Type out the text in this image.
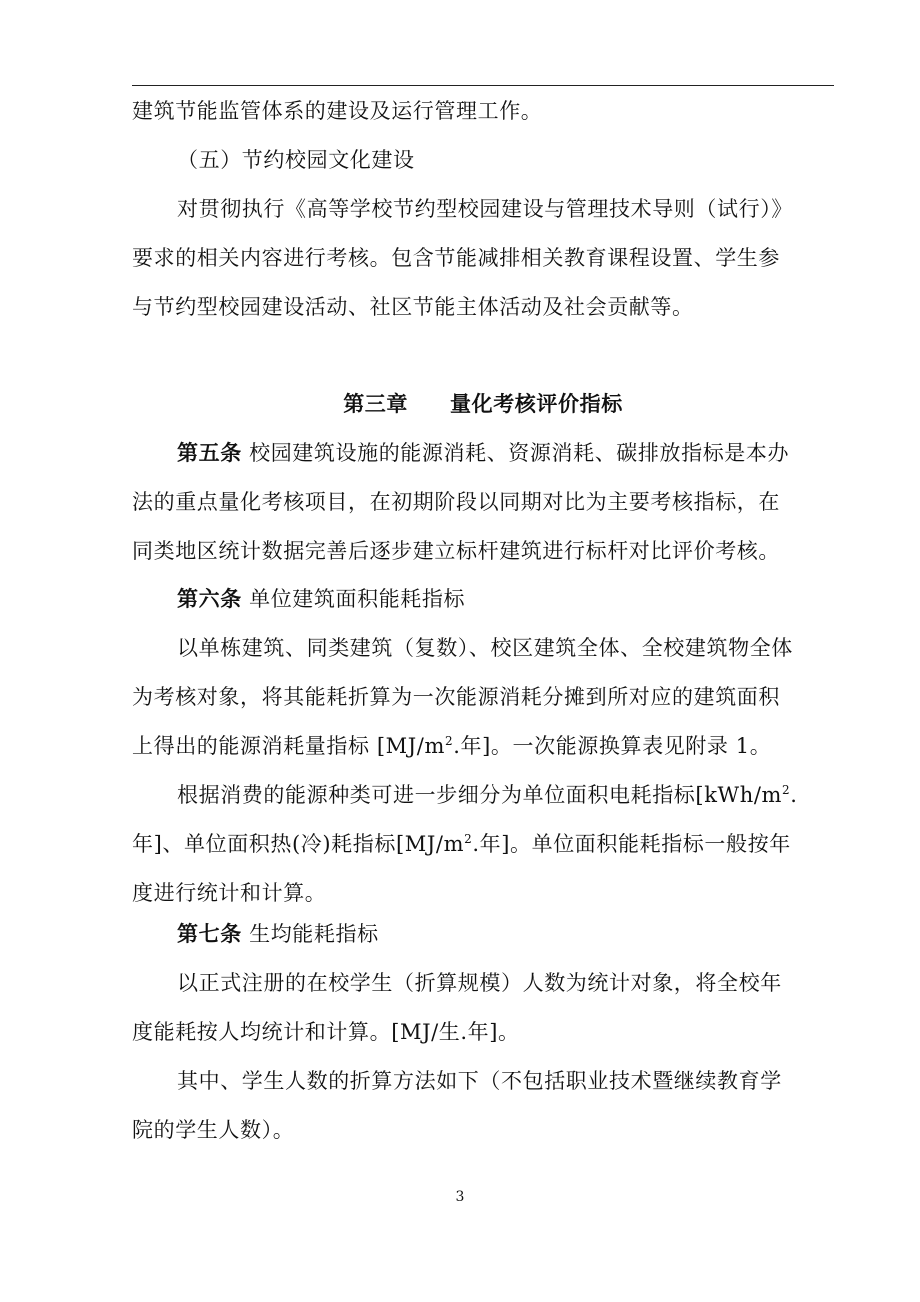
建筑节能监管体系的建设及运行管理工作。
（五）节约校园文化建设
对贯彻执行《高等学校节约型校园建设与管理技术导则（试行）》
要求的相关内容进行考核。包含节能减排相关教育课程设置、学生参
与节约型校园建设活动、社区节能主体活动及社会贡献等。
第三章 量化考核评价指标
第五条 校园建筑设施的能源消耗、资源消耗、碳排放指标是本办
法的重点量化考核项目，在初期阶段以同期对比为主要考核指标，在
同类地区统计数据完善后逐步建立标杆建筑进行标杆对比评价考核。
第六条 单位建筑面积能耗指标
以单栋建筑、同类建筑（复数）、校区建筑全体、全校建筑物全体
为考核对象，将其能耗折算为一次能源消耗分摊到所对应的建筑面积
上得出的能源消耗量指标 [$MJ/m^2$.年]。一次能源换算表见附录 1。
根据消费的能源种类可进一步细分为单位面积电耗指标[$kWh/m^2$.
年]、单位面积热(冷)耗指标[$MJ/m^2$.年]。单位面积能耗指标一般按年
度进行统计和计算。
第七条 生均能耗指标
以正式注册的在校学生（折算规模）人数为统计对象，将全校年
度能耗按人均统计和计算。[MJ/生.年]。
其中、学生人数的折算方法如下（不包括职业技术暨继续教育学
院的学生人数）。
3
